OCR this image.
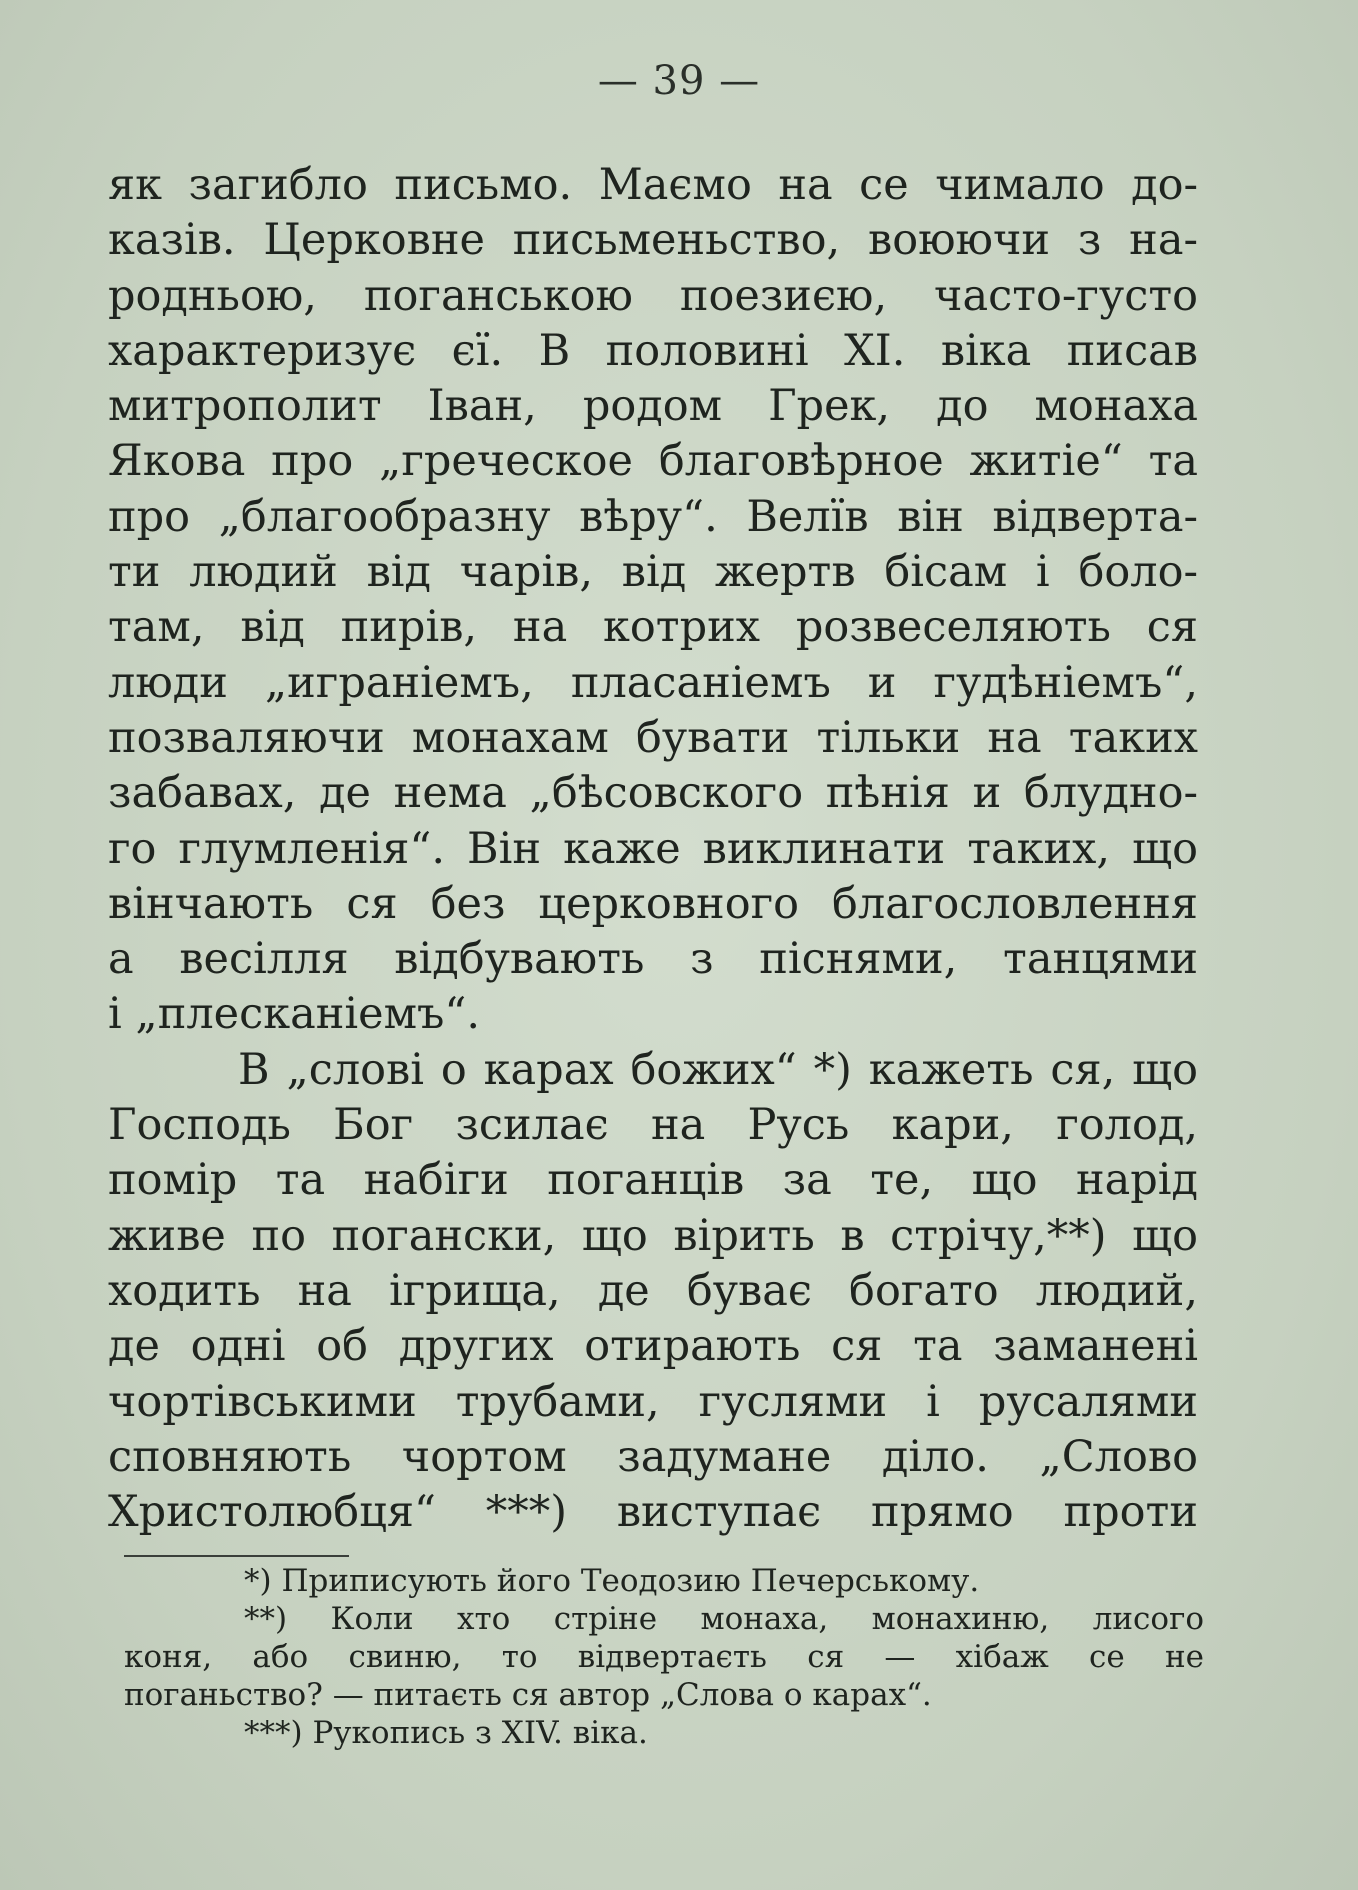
— 39 —
як загибло письмо. Маємо на се чимало до-
казів. Церковне письменьство, воюючи з на-
родньою, поганською поезиєю, часто-густо
характеризує єї. В половині XI. віка писав
митрополит Іван, родом Грек, до монаха
Якова про „греческое благовѣрное житіе“ та
про „благообразну вѣру“. Велїв він відверта-
ти людий від чарів, від жертв бісам і боло-
там, від пирів, на котрих розвеселяють ся
люди „играніемъ, пласаніемъ и гудѣніемъ“,
позваляючи монахам бувати тільки на таких
забавах, де нема „бѣсовского пѣнія и блудно-
го глумленія“. Він каже виклинати таких, що
вінчають ся без церковного благословлення
а весілля відбувають з піснями, танцями
і „плесканіемъ“.
В „слові о карах божих“ *) кажеть ся, що
Господь Бог зсилає на Русь кари, голод,
помір та набіги поганців за те, що нарід
живе по погански, що вірить в стрічу,**) що
ходить на ігрища, де буває богато людий,
де одні об других отирають ся та заманені
чортівськими трубами, гуслями і русалями
сповняють чортом задумане діло. „Слово
Христолюбця“ ***) виступає прямо проти
*) Приписують його Теодозию Печерському.
**) Коли хто стріне монаха, монахиню, лисого
коня, або свиню, то відвертаєть ся — хібаж се не
поганьство? — питаєть ся автор „Слова о карах“.
***) Рукопись з XIV. віка.
